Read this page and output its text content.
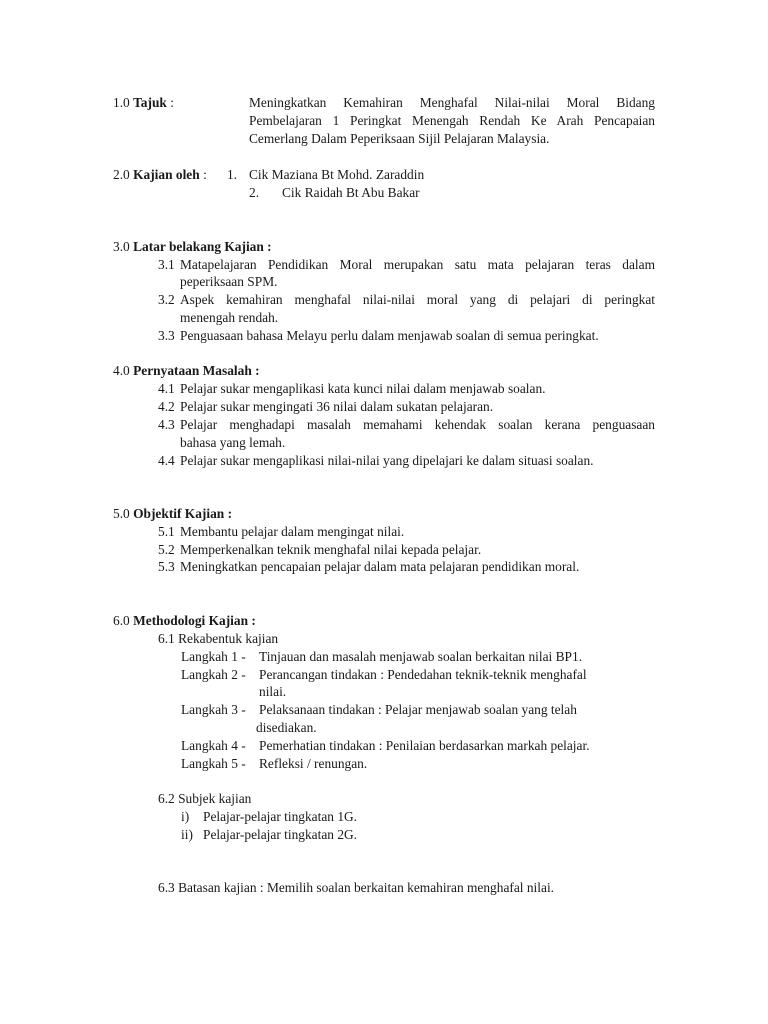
1.0 Tajuk :	Meningkatkan Kemahiran Menghafal Nilai-nilai Moral Bidang
Pembelajaran 1 Peringkat Menengah Rendah Ke Arah Pencapaian
Cemerlang Dalam Peperiksaan Sijil Pelajaran Malaysia.
2.0 Kajian oleh : 1. Cik Maziana Bt Mohd. Zaraddin
2. Cik Raidah Bt Abu Bakar
3.0 Latar belakang Kajian :
3.1 Matapelajaran Pendidikan Moral merupakan satu mata pelajaran teras dalam
peperiksaan SPM.
3.2 Aspek kemahiran menghafal nilai-nilai moral yang di pelajari di peringkat
menengah rendah.
3.3 Penguasaan bahasa Melayu perlu dalam menjawab soalan di semua peringkat.
4.0 Pernyataan Masalah :
4.1 Pelajar sukar mengaplikasi kata kunci nilai dalam menjawab soalan.
4.2 Pelajar sukar mengingati 36 nilai dalam sukatan pelajaran.
4.3 Pelajar menghadapi masalah memahami kehendak soalan kerana penguasaan
bahasa yang lemah.
4.4 Pelajar sukar mengaplikasi nilai-nilai yang dipelajari ke dalam situasi soalan.
5.0 Objektif Kajian :
5.1 Membantu pelajar dalam mengingat nilai.
5.2 Memperkenalkan teknik menghafal nilai kepada pelajar.
5.3 Meningkatkan pencapaian pelajar dalam mata pelajaran pendidikan moral.
6.0 Methodologi Kajian :
6.1 Rekabentuk kajian
Langkah 1 - Tinjauan dan masalah menjawab soalan berkaitan nilai BP1.
Langkah 2 - Perancangan tindakan : Pendedahan teknik-teknik menghafal
nilai.
Langkah 3 - Pelaksanaan tindakan : Pelajar menjawab soalan yang telah
disediakan.
Langkah 4 - Pemerhatian tindakan : Penilaian berdasarkan markah pelajar.
Langkah 5 - Refleksi / renungan.
6.2 Subjek kajian
i) Pelajar-pelajar tingkatan 1G.
ii) Pelajar-pelajar tingkatan 2G.
6.3 Batasan kajian : Memilih soalan berkaitan kemahiran menghafal nilai.
